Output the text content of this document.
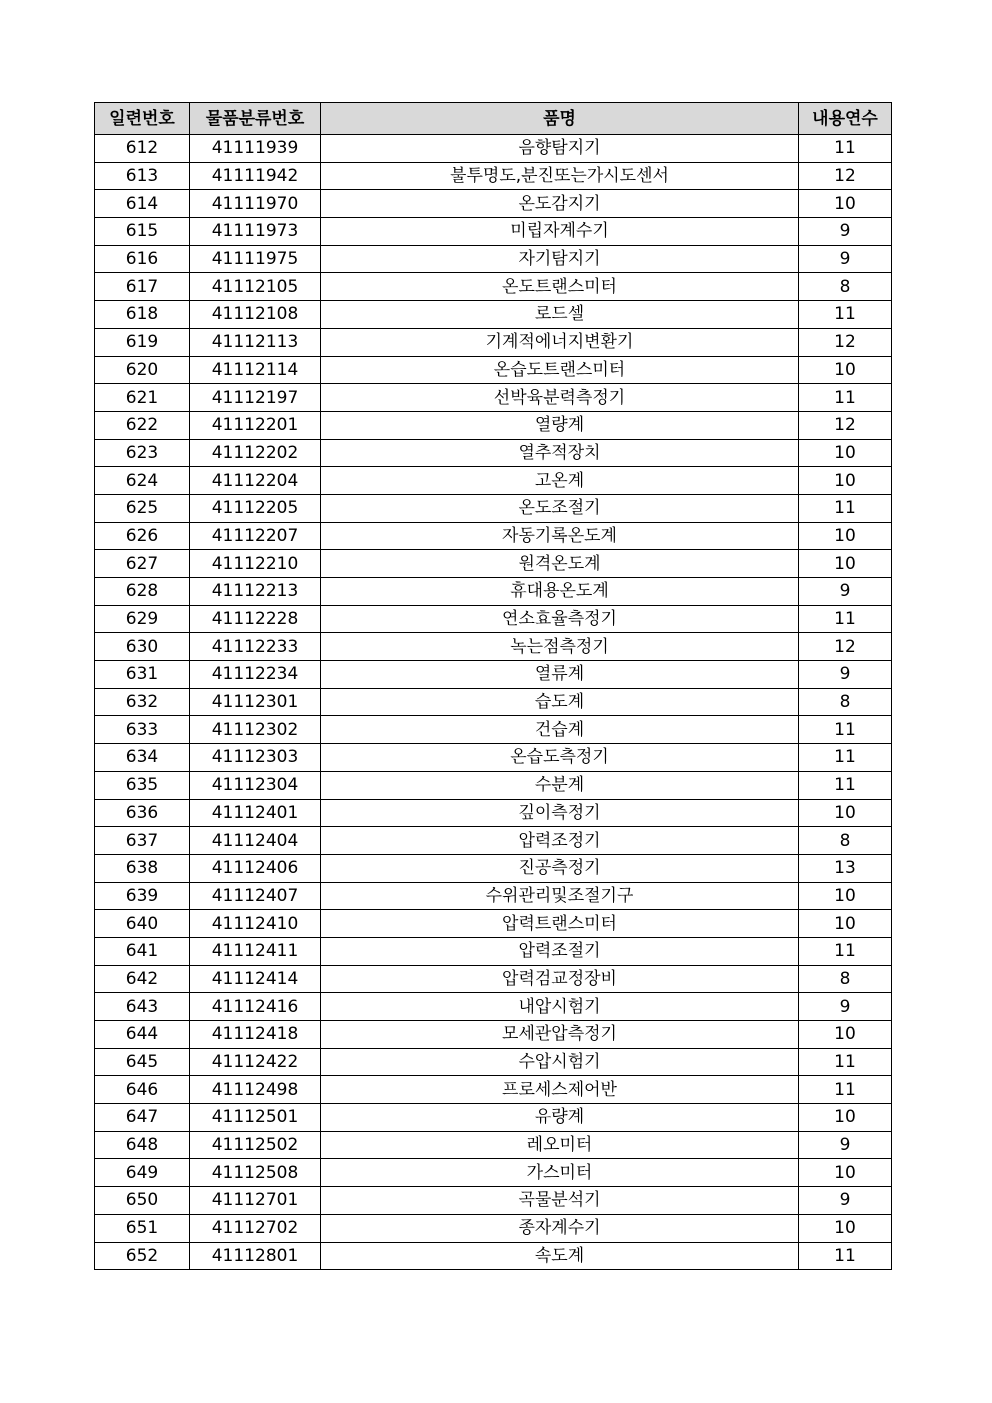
일련번호	물품분류번호	품명	내용연수
612	41111939	음향탐지기	11
613	41111942	불투명도,분진또는가시도센서	12
614	41111970	온도감지기	10
615	41111973	미립자계수기	9
616	41111975	자기탐지기	9
617	41112105	온도트랜스미터	8
618	41112108	로드셀	11
619	41112113	기계적에너지변환기	12
620	41112114	온습도트랜스미터	10
621	41112197	선박육분력측정기	11
622	41112201	열량계	12
623	41112202	열추적장치	10
624	41112204	고온계	10
625	41112205	온도조절기	11
626	41112207	자동기록온도계	10
627	41112210	원격온도계	10
628	41112213	휴대용온도계	9
629	41112228	연소효율측정기	11
630	41112233	녹는점측정기	12
631	41112234	열류계	9
632	41112301	습도계	8
633	41112302	건습계	11
634	41112303	온습도측정기	11
635	41112304	수분계	11
636	41112401	깊이측정기	10
637	41112404	압력조정기	8
638	41112406	진공측정기	13
639	41112407	수위관리및조절기구	10
640	41112410	압력트랜스미터	10
641	41112411	압력조절기	11
642	41112414	압력검교정장비	8
643	41112416	내압시험기	9
644	41112418	모세관압측정기	10
645	41112422	수압시험기	11
646	41112498	프로세스제어반	11
647	41112501	유량계	10
648	41112502	레오미터	9
649	41112508	가스미터	10
650	41112701	곡물분석기	9
651	41112702	종자계수기	10
652	41112801	속도계	11
